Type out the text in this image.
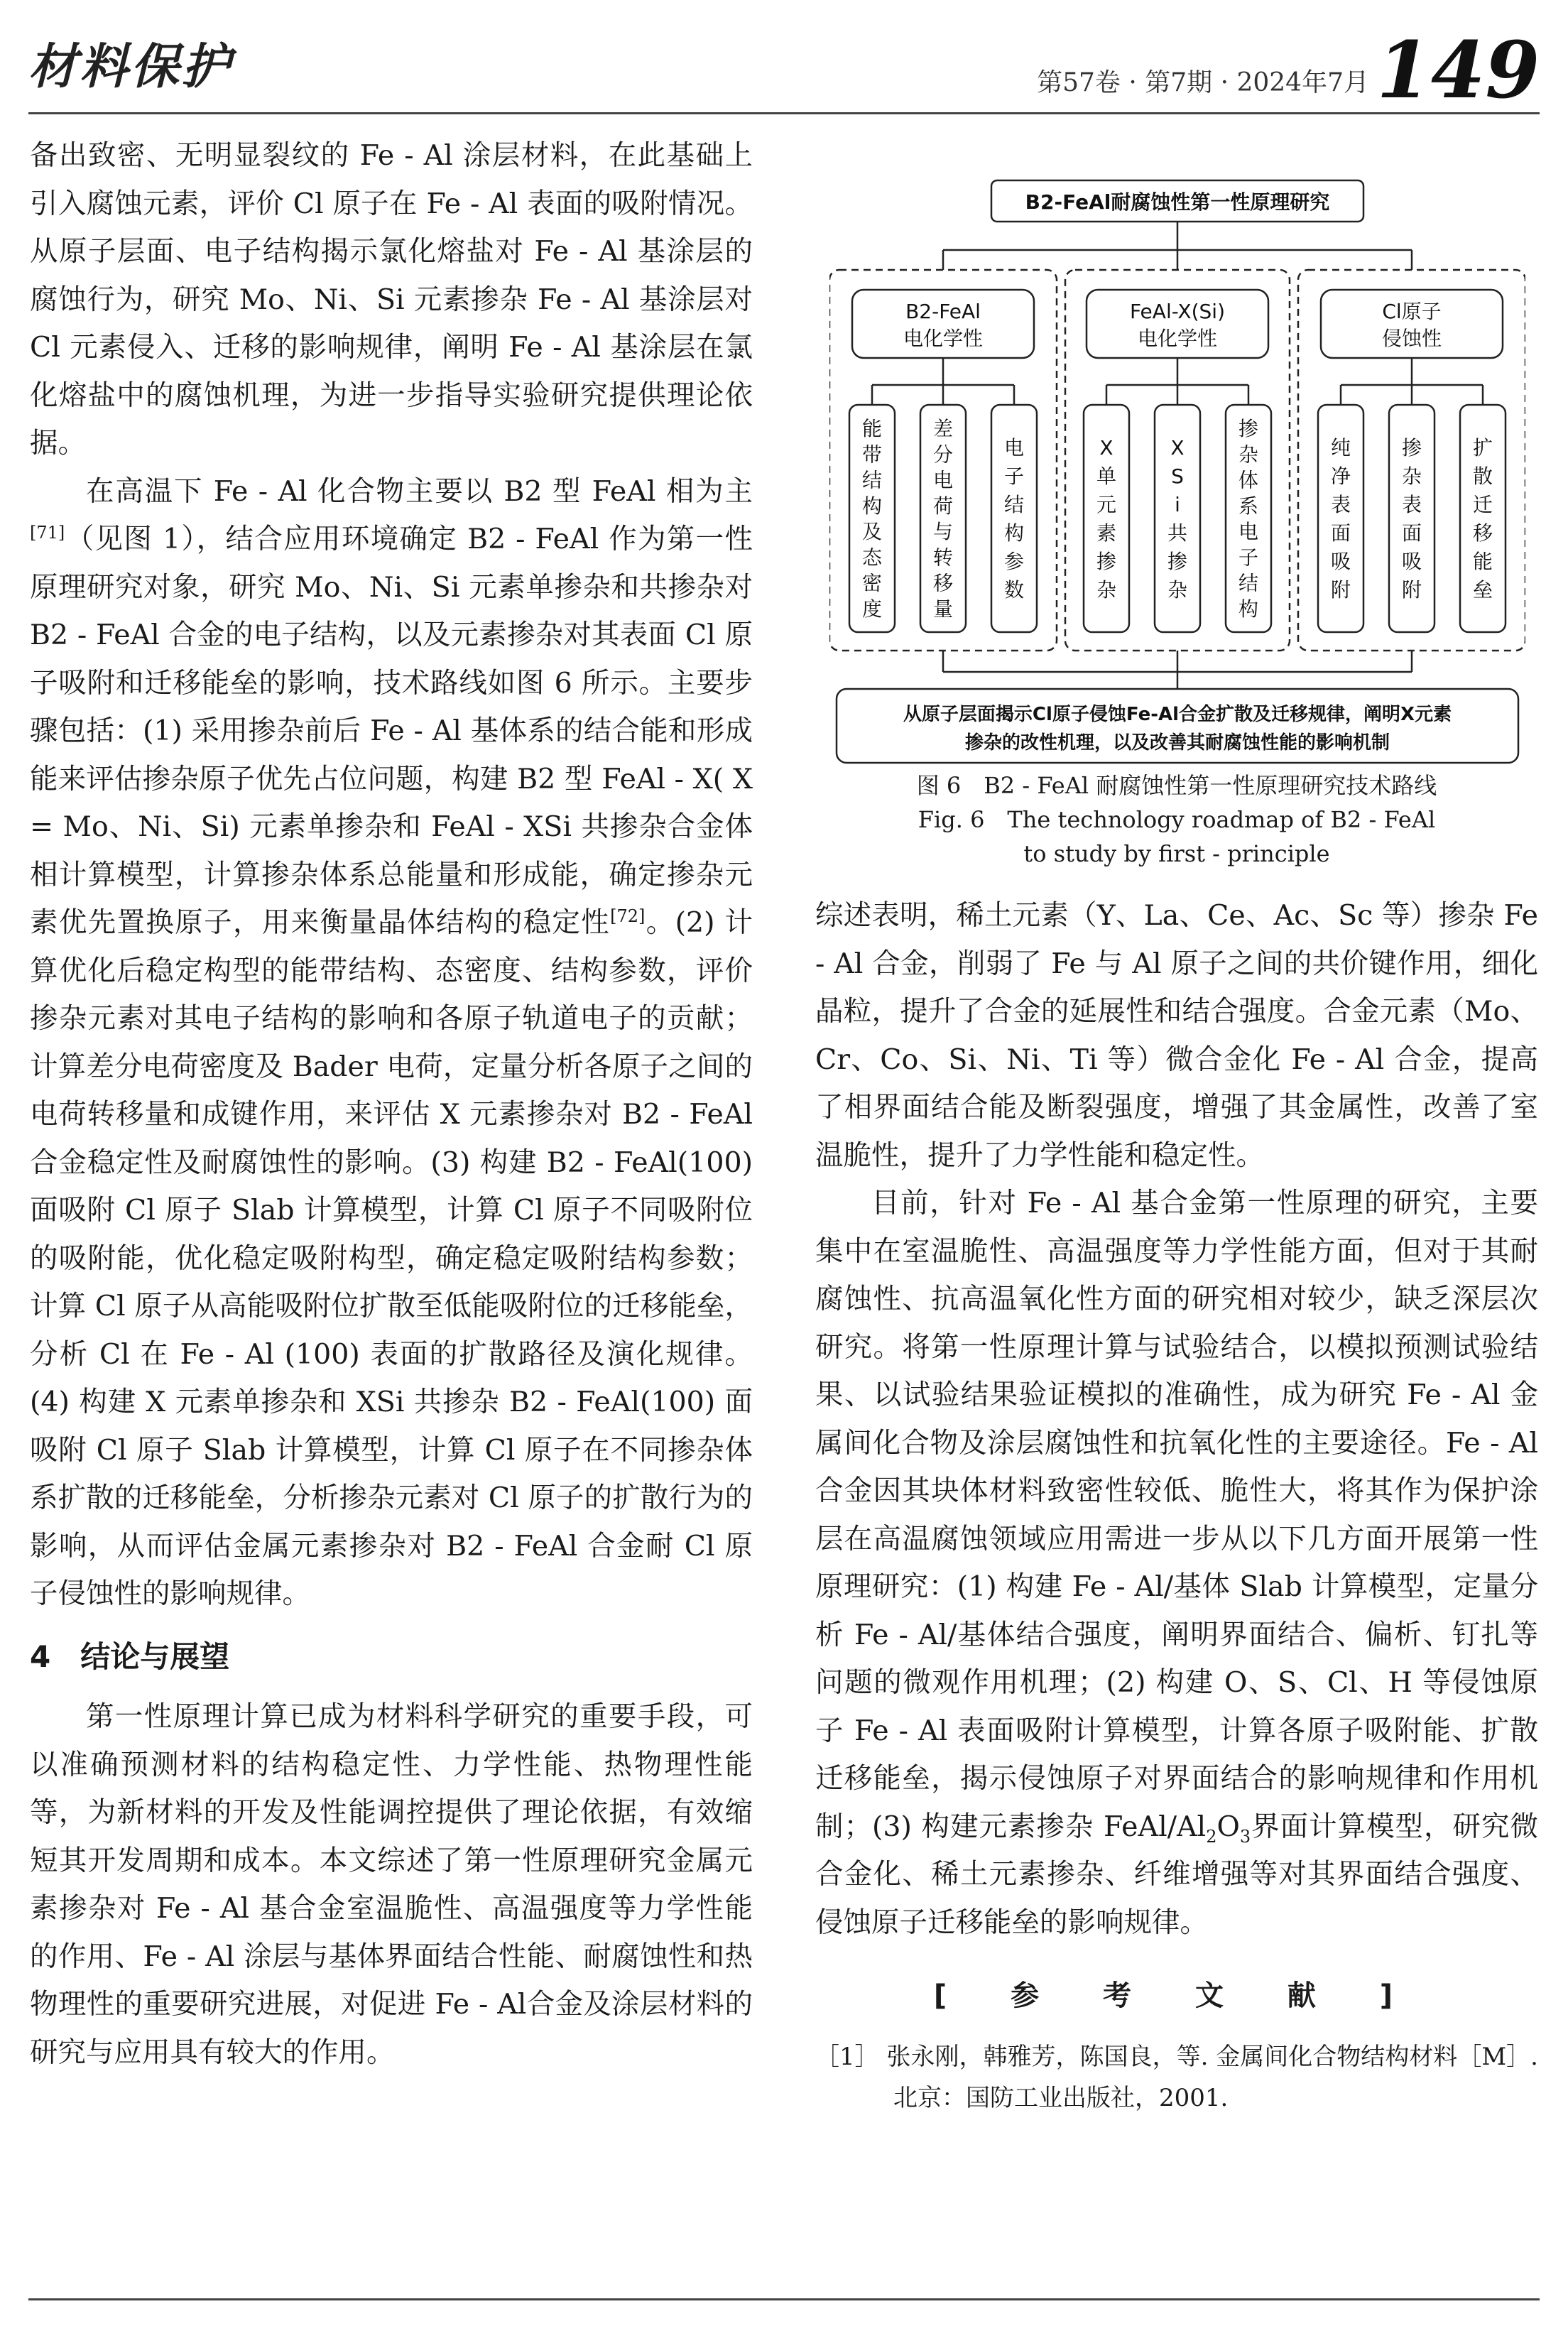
材料保护	第57卷 · 第7期 · 2024年7月 149

备出致密、无明显裂纹的 Fe - Al 涂层材料，在此基础上引入腐蚀元素，评价 Cl 原子在 Fe - Al 表面的吸附情况。从原子层面、电子结构揭示氯化熔盐对 Fe - Al 基涂层的腐蚀行为，研究 Mo、Ni、Si 元素掺杂 Fe - Al 基涂层对 Cl 元素侵入、迁移的影响规律，阐明 Fe - Al 基涂层在氯化熔盐中的腐蚀机理，为进一步指导实验研究提供理论依据。

在高温下 Fe - Al 化合物主要以 B2 型 FeAl 相为主[71]（见图 1），结合应用环境确定 B2 - FeAl 作为第一性原理研究对象，研究 Mo、Ni、Si 元素单掺杂和共掺杂对 B2 - FeAl 合金的电子结构，以及元素掺杂对其表面 Cl 原子吸附和迁移能垒的影响，技术路线如图 6 所示。主要步骤包括：(1) 采用掺杂前后 Fe - Al 基体系的结合能和形成能来评估掺杂原子优先占位问题，构建 B2 型 FeAl - X( X = Mo、Ni、Si) 元素单掺杂和 FeAl - XSi 共掺杂合金体相计算模型，计算掺杂体系总能量和形成能，确定掺杂元素优先置换原子，用来衡量晶体结构的稳定性[72]。(2) 计算优化后稳定构型的能带结构、态密度、结构参数，评价掺杂元素对其电子结构的影响和各原子轨道电子的贡献；计算差分电荷密度及 Bader 电荷，定量分析各原子之间的电荷转移量和成键作用，来评估 X 元素掺杂对 B2 - FeAl 合金稳定性及耐腐蚀性的影响。(3) 构建 B2 - FeAl(100) 面吸附 Cl 原子 Slab 计算模型，计算 Cl 原子不同吸附位的吸附能，优化稳定吸附构型，确定稳定吸附结构参数；计算 Cl 原子从高能吸附位扩散至低能吸附位的迁移能垒，分析 Cl 在 Fe - Al (100) 表面的扩散路径及演化规律。(4) 构建 X 元素单掺杂和 XSi 共掺杂 B2 - FeAl(100) 面吸附 Cl 原子 Slab 计算模型，计算 Cl 原子在不同掺杂体系扩散的迁移能垒，分析掺杂元素对 Cl 原子的扩散行为的影响，从而评估金属元素掺杂对 B2 - FeAl 合金耐 Cl 原子侵蚀性的影响规律。

4　结论与展望

第一性原理计算已成为材料科学研究的重要手段，可以准确预测材料的结构稳定性、力学性能、热物理性能等，为新材料的开发及性能调控提供了理论依据，有效缩短其开发周期和成本。本文综述了第一性原理研究金属元素掺杂对 Fe - Al 基合金室温脆性、高温强度等力学性能的作用、Fe - Al 涂层与基体界面结合性能、耐腐蚀性和热物理性的重要研究进展，对促进 Fe - Al合金及涂层材料的研究与应用具有较大的作用。

B2-FeAl耐腐蚀性第一性原理研究
B2-FeAl
电化学性
FeAl-X(Si)
电化学性
Cl原子
侵蚀性
能
带
结
构
及
态
密
度
差
分
电
荷
与
转
移
量
电
子
结
构
参
数
X
单
元
素
掺
杂
X
S
i
共
掺
杂
掺
杂
体
系
电
子
结
构
纯
净
表
面
吸
附
掺
杂
表
面
吸
附
扩
散
迁
移
能
垒
从原子层面揭示Cl原子侵蚀Fe-Al合金扩散及迁移规律，阐明X元素
掺杂的改性机理，以及改善其耐腐蚀性能的影响机制
图 6　B2 - FeAl 耐腐蚀性第一性原理研究技术路线
Fig. 6　The technology roadmap of B2 - FeAl
to study by first - principle

综述表明，稀土元素（Y、La、Ce、Ac、Sc 等）掺杂 Fe - Al 合金，削弱了 Fe 与 Al 原子之间的共价键作用，细化晶粒，提升了合金的延展性和结合强度。合金元素（Mo、Cr、Co、Si、Ni、Ti 等）微合金化 Fe - Al 合金，提高了相界面结合能及断裂强度，增强了其金属性，改善了室温脆性，提升了力学性能和稳定性。

目前，针对 Fe - Al 基合金第一性原理的研究，主要集中在室温脆性、高温强度等力学性能方面，但对于其耐腐蚀性、抗高温氧化性方面的研究相对较少，缺乏深层次研究。将第一性原理计算与试验结合，以模拟预测试验结果、以试验结果验证模拟的准确性，成为研究 Fe - Al 金属间化合物及涂层腐蚀性和抗氧化性的主要途径。Fe - Al 合金因其块体材料致密性较低、脆性大，将其作为保护涂层在高温腐蚀领域应用需进一步从以下几方面开展第一性原理研究：(1) 构建 Fe - Al/基体 Slab 计算模型，定量分析 Fe - Al/基体结合强度，阐明界面结合、偏析、钉扎等问题的微观作用机理；(2) 构建 O、S、Cl、H 等侵蚀原子 Fe - Al 表面吸附计算模型，计算各原子吸附能、扩散迁移能垒，揭示侵蚀原子对界面结合的影响规律和作用机制；(3) 构建元素掺杂 FeAl/$Al_2O_3$界面计算模型，研究微合金化、稀土元素掺杂、纤维增强等对其界面结合强度、侵蚀原子迁移能垒的影响规律。

[ 参 考 文 献 ]
［1］ 张永刚，韩雅芳，陈国良，等. 金属间化合物结构材料［M］. 北京：国防工业出版社，2001.
